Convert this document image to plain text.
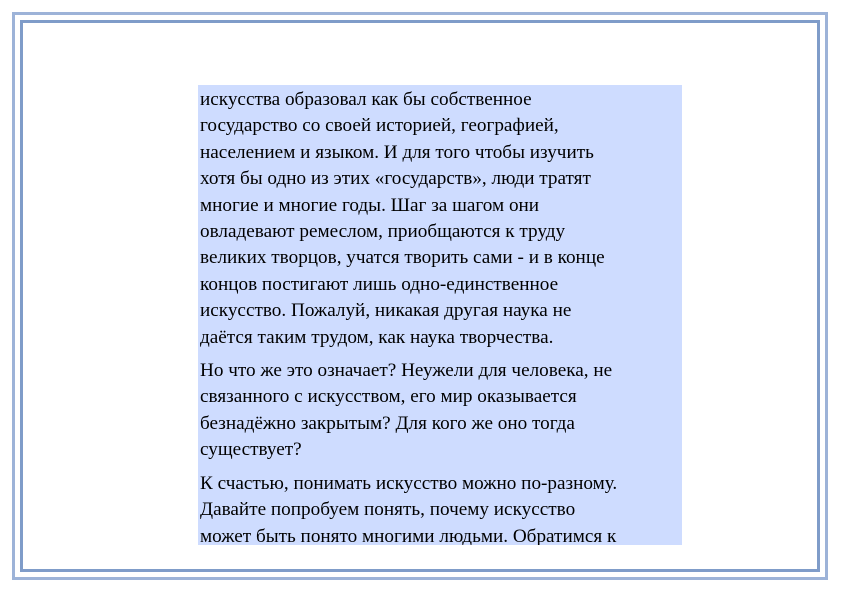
искусства образовал как бы собственное
государство со своей историей, географией,
населением и языком. И для того чтобы изучить
хотя бы одно из этих «государств», люди тратят
многие и многие годы. Шаг за шагом они
овладевают ремеслом, приобщаются к труду
великих творцов, учатся творить сами - и в конце
концов постигают лишь одно-единственное
искусство. Пожалуй, никакая другая наука не
даётся таким трудом, как наука творчества.

Но что же это означает? Неужели для человека, не
связанного с искусством, его мир оказывается
безнадёжно закрытым? Для кого же оно тогда
существует?

К счастью, понимать искусство можно по-разному.
Давайте попробуем понять, почему искусство
может быть понято многими людьми. Обратимся к
